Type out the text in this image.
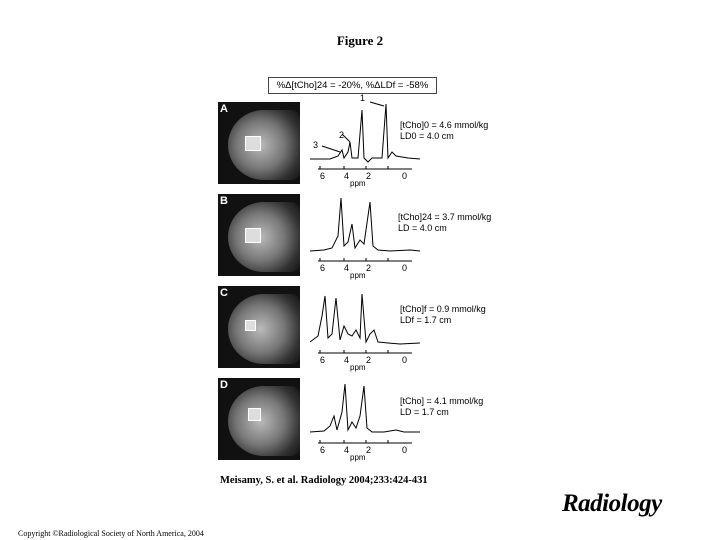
Figure 2
%Δ[tCho]24 = -20%, %ΔLDf = -58%
A
1
2
3
6 4 2	0
ppm
[tCho]0 = 4.6 mmol/kg
LD0 = 4.0 cm
B
6 4 2	0
ppm
[tCho]24 = 3.7 mmol/kg
LD = 4.0 cm
C
6 4 2	0
ppm
[tCho]f = 0.9 mmol/kg
LDf = 1.7 cm
D
6 4 2	0
ppm
[tCho] = 4.1 mmol/kg
LD = 1.7 cm
Meisamy, S. et al. Radiology 2004;233:424-431
Radiology
Copyright ©Radiological Society of North America, 2004
